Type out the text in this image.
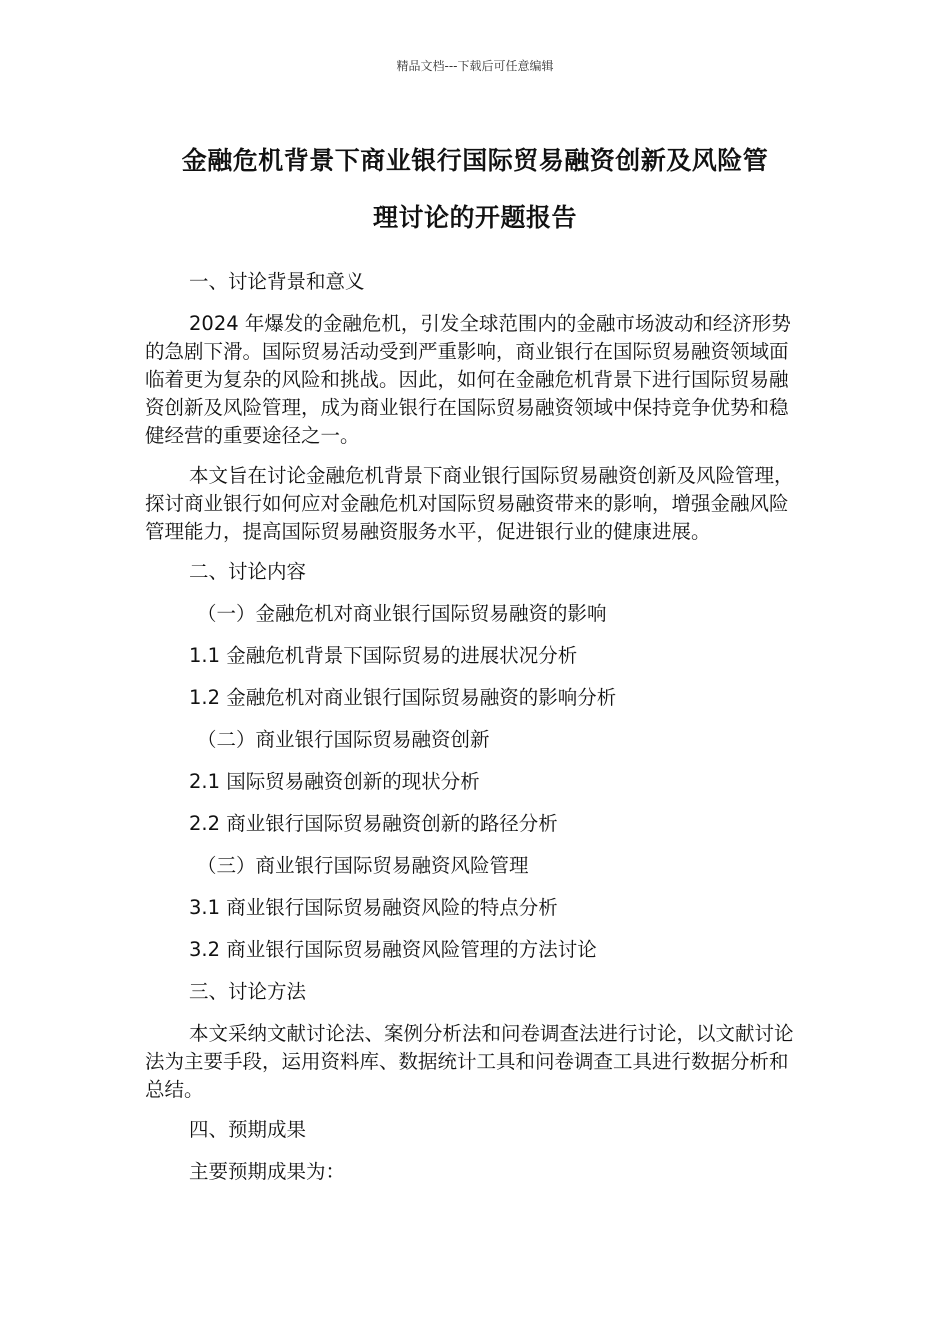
精品文档---下载后可任意编辑
金融危机背景下商业银行国际贸易融资创新及风险管
理讨论的开题报告

一、讨论背景和意义

2024 年爆发的金融危机，引发全球范围内的金融市场波动和经济形势的急剧下滑。国际贸易活动受到严重影响，商业银行在国际贸易融资领域面临着更为复杂的风险和挑战。因此，如何在金融危机背景下进行国际贸易融资创新及风险管理，成为商业银行在国际贸易融资领域中保持竞争优势和稳健经营的重要途径之一。

本文旨在讨论金融危机背景下商业银行国际贸易融资创新及风险管理，探讨商业银行如何应对金融危机对国际贸易融资带来的影响，增强金融风险管理能力，提高国际贸易融资服务水平，促进银行业的健康进展。

二、讨论内容

（一）金融危机对商业银行国际贸易融资的影响

1.1 金融危机背景下国际贸易的进展状况分析

1.2 金融危机对商业银行国际贸易融资的影响分析

（二）商业银行国际贸易融资创新

2.1 国际贸易融资创新的现状分析

2.2 商业银行国际贸易融资创新的路径分析

（三）商业银行国际贸易融资风险管理

3.1 商业银行国际贸易融资风险的特点分析

3.2 商业银行国际贸易融资风险管理的方法讨论

三、讨论方法

本文采纳文献讨论法、案例分析法和问卷调查法进行讨论，以文献讨论法为主要手段，运用资料库、数据统计工具和问卷调查工具进行数据分析和总结。

四、预期成果

主要预期成果为：
